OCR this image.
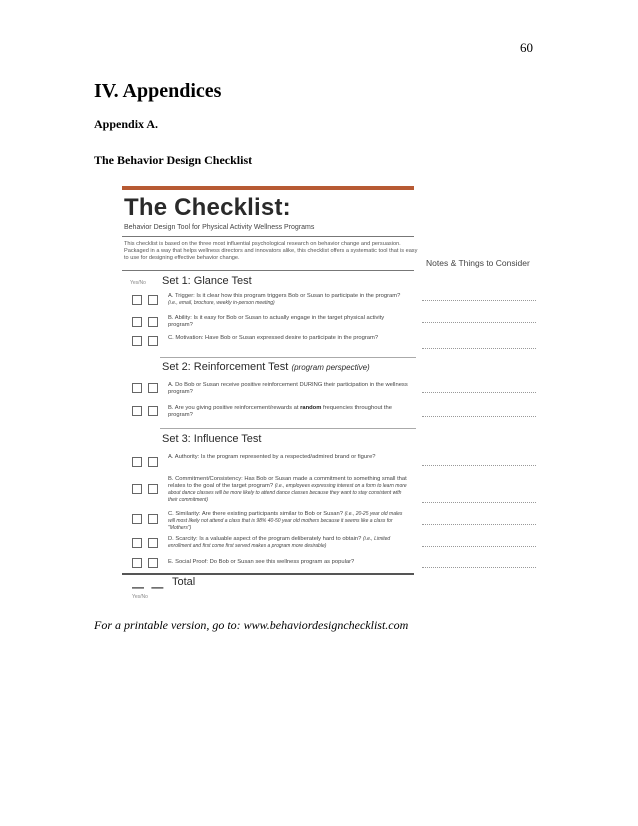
60
IV. Appendices
Appendix A.
The Behavior Design Checklist
The Checklist:
Behavior Design Tool for Physical Activity Wellness Programs
This checklist is based on the three most influential psychological research on behavior change and persuasion. Packaged in a way that helps wellness directors and innovators alike, this checklist offers a systematic tool that is easy to use for designing effective behavior change.	Notes & Things to Consider
Yes/No Set 1: Glance Test
A. Trigger: Is it clear how this program triggers Bob or Susan to participate in the program? (i.e., email, brochure, weekly in-person meeting)
B. Ability: Is it easy for Bob or Susan to actually engage in the target physical activity program?
C. Motivation: Have Bob or Susan expressed desire to participate in the program?
Set 2: Reinforcement Test (program perspective)
A. Do Bob or Susan receive positive reinforcement DURING their participation in the wellness program?
B. Are you giving positive reinforcement/rewards at random frequencies throughout the program?
Set 3: Influence Test
A. Authority: Is the program represented by a respected/admired brand or figure?
B. Commitment/Consistency: Has Bob or Susan made a commitment to something small that relates to the goal of the target program? (i.e., employees expressing interest on a form to learn more about dance classes will be more likely to attend dance classes because they want to stay consistent with their commitment)
C. Similarity: Are there existing participants similar to Bob or Susan? (i.e., 20-25 year old males will most likely not attend a class that is 98% 40-50 year old mothers because it seems like a class for "Mothers")
D. Scarcity: Is a valuable aspect of the program deliberately hard to obtain? (i.e., Limited enrollment and first come first served makes a program more desirable)
E. Social Proof: Do Bob or Susan see this wellness program as popular?
— — Total
Yes/No
For a printable version, go to: www.behaviordesignchecklist.com
